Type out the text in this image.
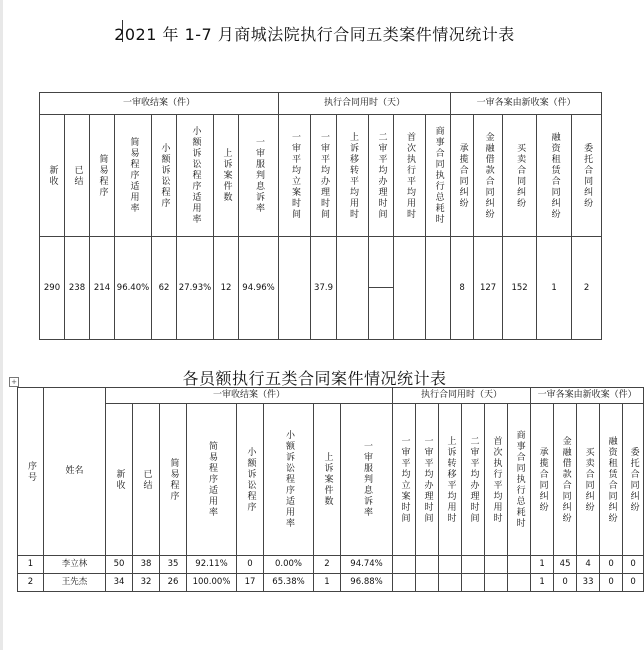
2021 年 1-7 月商城法院执行合同五类案件情况统计表
一审收结案（件）								执行合同用时（天）						一审各案由新收案（件）				
新收	已结	简易程序	简易程序适用率	小额诉讼程序	小额诉讼程序适用率	上诉案件数	一审服判息诉率	一审平均立案时间	一审平均办理时间	上诉移转平均用时	二审平均办理时间	首次执行平均用时	商事合同执行总耗时	承揽合同纠纷	金融借款合同纠纷	买卖合同纠纷	融资租赁合同纠纷	委托合同纠纷
290	238	214	96.40%	62	27.93%	12	94.96%		37.9					8	127	152	1	2
+	各员额执行五类合同案件情况统计表
序号	姓名	一审收结案（件）								执行合同用时（天）						一审各案由新收案（件）				
		新收	已结	简易程序	简易程序适用率	小额诉讼程序	小额诉讼程序适用率	上诉案件数	一审服判息诉率	一审平均立案时间	一审平均办理时间	上诉转移平均用时	二审平均办理时间	首次执行平均用时	商事合同执行总耗时	承揽合同纠纷	金融借款合同纠纷	买卖合同纠纷	融资租赁合同纠纷	委托合同纠纷
1	李立林	50	38	35	92.11%	0	0.00%	2	94.74%							1	45	4	0	0
2	王先杰	34	32	26	100.00%	17	65.38%	1	96.88%							1	0	33	0	0
